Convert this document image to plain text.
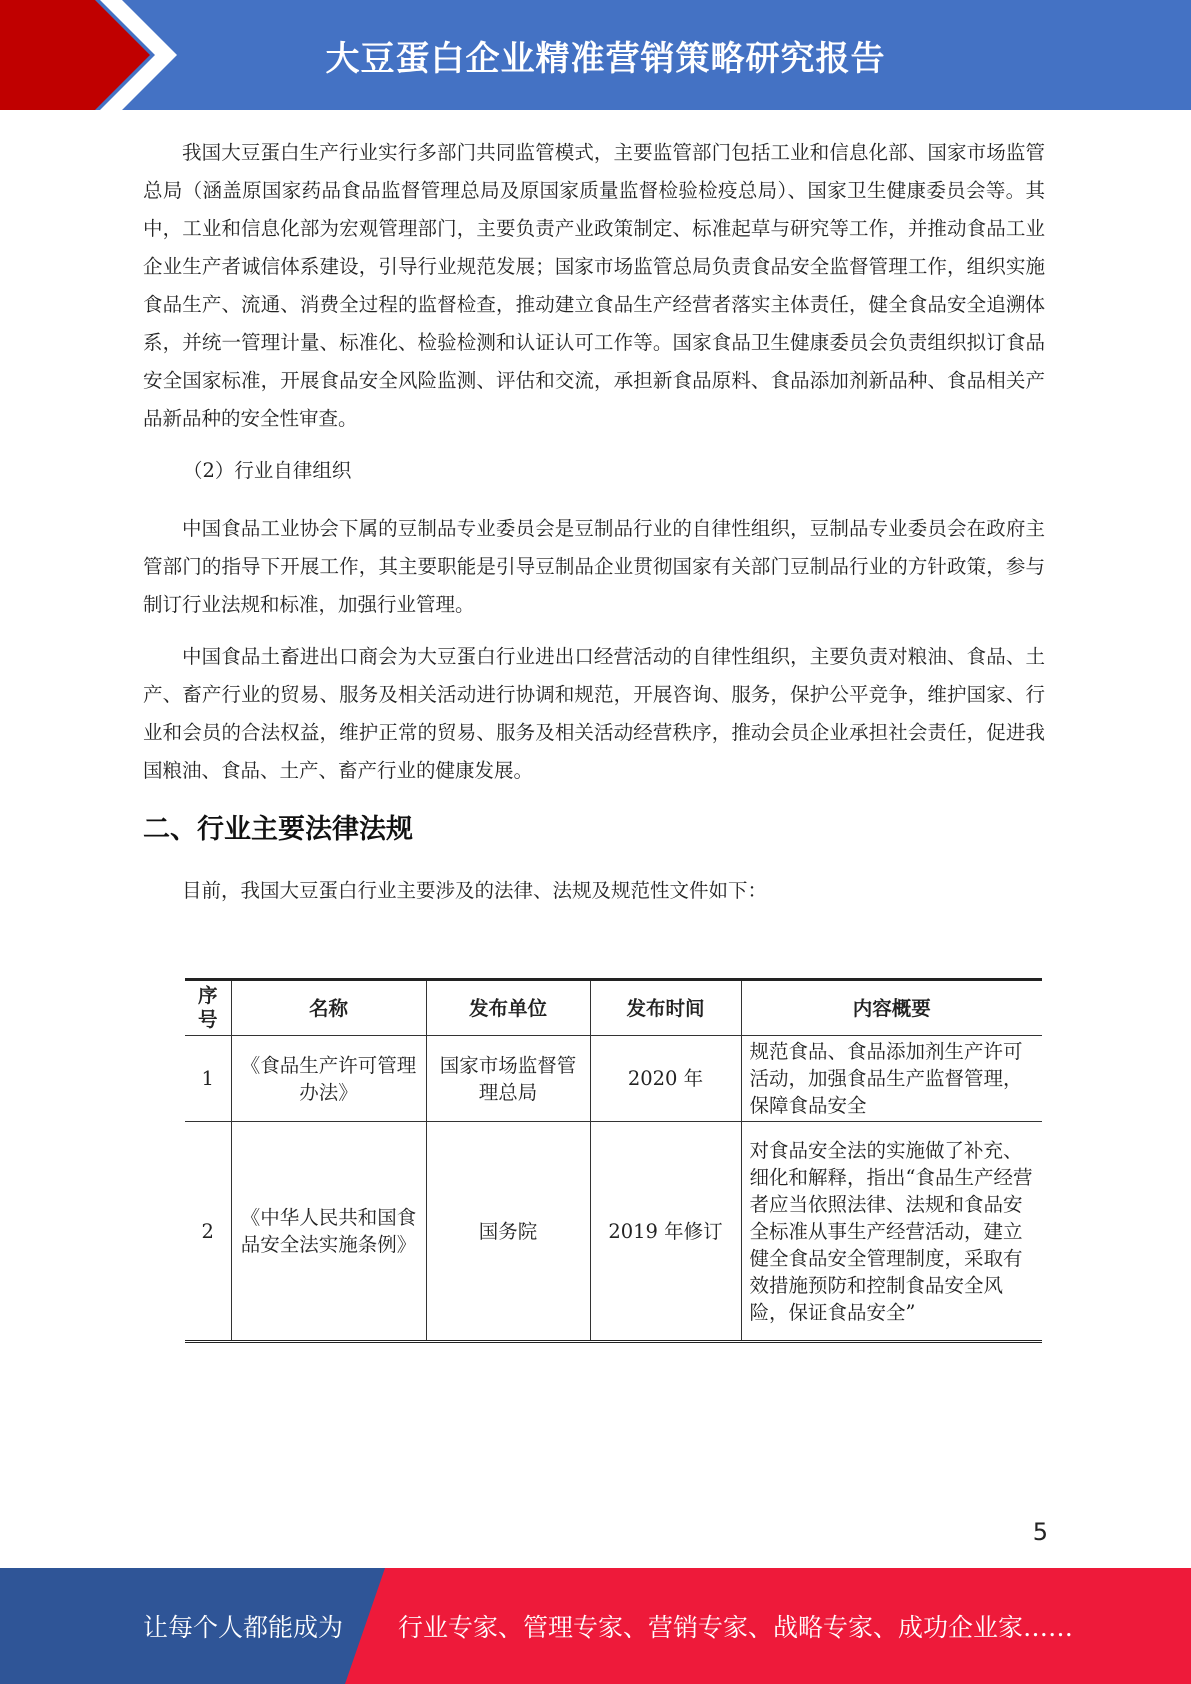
大豆蛋白企业精准营销策略研究报告

我国大豆蛋白生产行业实行多部门共同监管模式，主要监管部门包括工业和信息化部、国家市场监管总局（涵盖原国家药品食品监督管理总局及原国家质量监督检验检疫总局）、国家卫生健康委员会等。其中，工业和信息化部为宏观管理部门，主要负责产业政策制定、标准起草与研究等工作，并推动食品工业企业生产者诚信体系建设，引导行业规范发展；国家市场监管总局负责食品安全监督管理工作，组织实施食品生产、流通、消费全过程的监督检查，推动建立食品生产经营者落实主体责任，健全食品安全追溯体系，并统一管理计量、标准化、检验检测和认证认可工作等。国家食品卫生健康委员会负责组织拟订食品安全国家标准，开展食品安全风险监测、评估和交流，承担新食品原料、食品添加剂新品种、食品相关产品新品种的安全性审查。

（2）行业自律组织

中国食品工业协会下属的豆制品专业委员会是豆制品行业的自律性组织，豆制品专业委员会在政府主管部门的指导下开展工作，其主要职能是引导豆制品企业贯彻国家有关部门豆制品行业的方针政策，参与制订行业法规和标准，加强行业管理。

中国食品土畜进出口商会为大豆蛋白行业进出口经营活动的自律性组织，主要负责对粮油、食品、土产、畜产行业的贸易、服务及相关活动进行协调和规范，开展咨询、服务，保护公平竞争，维护国家、行业和会员的合法权益，维护正常的贸易、服务及相关活动经营秩序，推动会员企业承担社会责任，促进我国粮油、食品、土产、畜产行业的健康发展。

二、行业主要法律法规

目前，我国大豆蛋白行业主要涉及的法律、法规及规范性文件如下：

序号	名称	发布单位	发布时间	内容概要
1	《食品生产许可管理办法》	国家市场监督管理总局	2020 年	规范食品、食品添加剂生产许可活动，加强食品生产监督管理，保障食品安全
2	《中华人民共和国食品安全法实施条例》	国务院	2019 年修订	对食品安全法的实施做了补充、细化和解释，指出“食品生产经营者应当依照法律、法规和食品安全标准从事生产经营活动，建立健全食品安全管理制度，采取有效措施预防和控制食品安全风险，保证食品安全”
5
让每个人都能成为 行业专家、管理专家、营销专家、战略专家、成功企业家……
